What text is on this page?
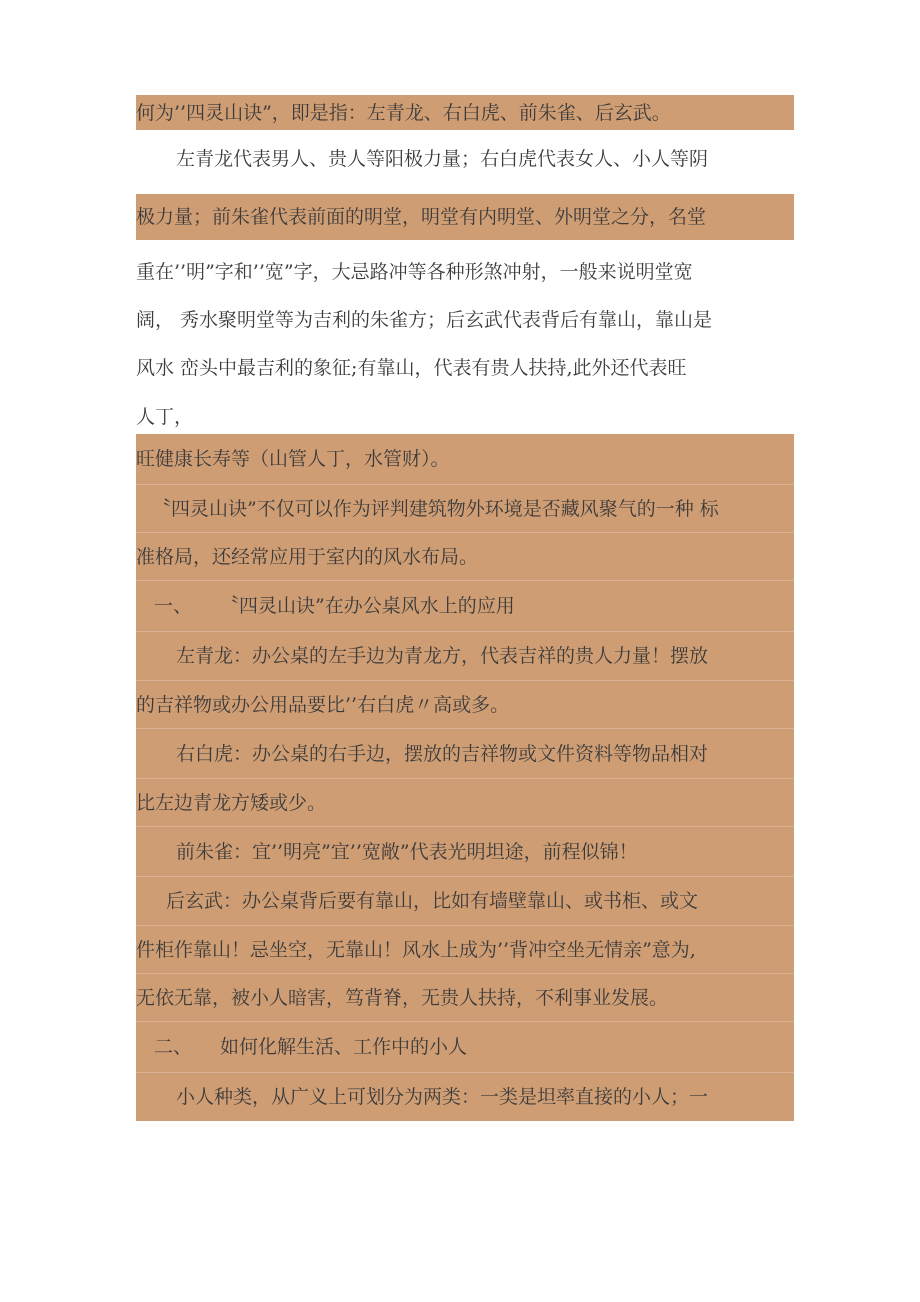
何为’’四灵山诀”，即是指：左青龙、右白虎、前朱雀、后玄武。
左青龙代表男人、贵人等阳极力量；右白虎代表女人、小人等阴
极力量；前朱雀代表前面的明堂，明堂有内明堂、外明堂之分，名堂
重在’’明”字和’’宽”字，大忌路冲等各种形煞冲射，一般来说明堂宽
阔， 秀水聚明堂等为吉利的朱雀方；后玄武代表背后有靠山，靠山是
风水 峦头中最吉利的象征;有靠山，代表有贵人扶持,此外还代表旺
人丁，
旺健康长寿等（山管人丁，水管财）。
〝四灵山诀”不仅可以作为评判建筑物外环境是否藏风聚气的一种 标
准格局，还经常应用于室内的风水布局。
一、 〝四灵山诀”在办公桌风水上的应用
左青龙：办公桌的左手边为青龙方，代表吉祥的贵人力量！摆放
的吉祥物或办公用品要比’’右白虎〃高或多。
右白虎：办公桌的右手边，摆放的吉祥物或文件资料等物品相对
比左边青龙方矮或少。
前朱雀：宜’’明亮”宜’’宽敞”代表光明坦途，前程似锦！
后玄武：办公桌背后要有靠山，比如有墙壁靠山、或书柜、或文
件柜作靠山！忌坐空，无靠山！风水上成为’’背冲空坐无情亲”意为,
无依无靠，被小人暗害，笃背脊，无贵人扶持，不利事业发展。
二、 如何化解生活、工作中的小人
小人种类，从广义上可划分为两类：一类是坦率直接的小人；一
